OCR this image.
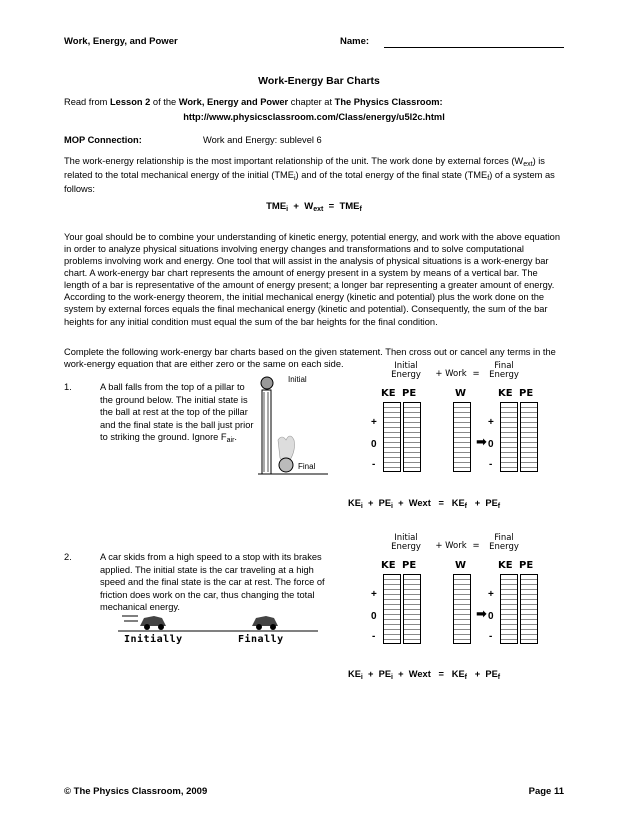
Work, Energy, and Power	Name:
Work-Energy Bar Charts
Read from Lesson 2 of the Work, Energy and Power chapter at The Physics Classroom:
http://www.physicsclassroom.com/Class/energy/u5l2c.html
MOP Connection:	Work and Energy: sublevel 6
The work-energy relationship is the most important relationship of the unit. The work done by external forces $(W_{ext})$ is related to the total mechanical energy of the initial $(TME_i)$ and of the total energy of the final state $(TME_f)$ of a system as follows:
$TME_i + W_{ext} = TME_f$
Your goal should be to combine your understanding of kinetic energy, potential energy, and work with the above equation in order to analyze physical situations involving energy changes and transformations and to solve computational problems involving work and energy. One tool that will assist in the analysis of physical situations is a work-energy bar chart. A work-energy bar chart represents the amount of energy present in a system by means of a vertical bar. The length of a bar is representative of the amount of energy present; a longer bar representing a greater amount of energy. According to the work-energy theorem, the initial mechanical energy (kinetic and potential) plus the work done on the system by external forces equals the final mechanical energy (kinetic and potential). Consequently, the sum of the bar heights for any initial condition must equal the sum of the bar heights for the final condition.
Complete the following work-energy bar charts based on the given statement. Then cross out or cancel any terms in the work-energy equation that are either zero or the same on each side.
1.	A ball falls from the top of a pillar to the ground below. The initial state is the ball at rest at the top of the pillar and the final state is the ball just prior to striking the ground. Ignore $F_{air}$.
Initial
Final
Initial Energy	+ Work =
Final Energy
KE PE	W	KE PE
+
0
-
+
0
-
➡
$KE_i + PE_i$  +  Wext   =   $KE_f + PE_f$
2.	A car skids from a high speed to a stop with its brakes applied. The initial state is the car traveling at a high speed and the final state is the car at rest. The force of friction does work on the car, thus changing the total mechanical energy.
Initially	Finally
Initial Energy	+ Work =
Final Energy
KE PE	W	KE PE
+
0
-
+
0
-
➡
$KE_i + PE_i$  +  Wext   =   $KE_f + PE_f$
© The Physics Classroom, 2009	Page 11
